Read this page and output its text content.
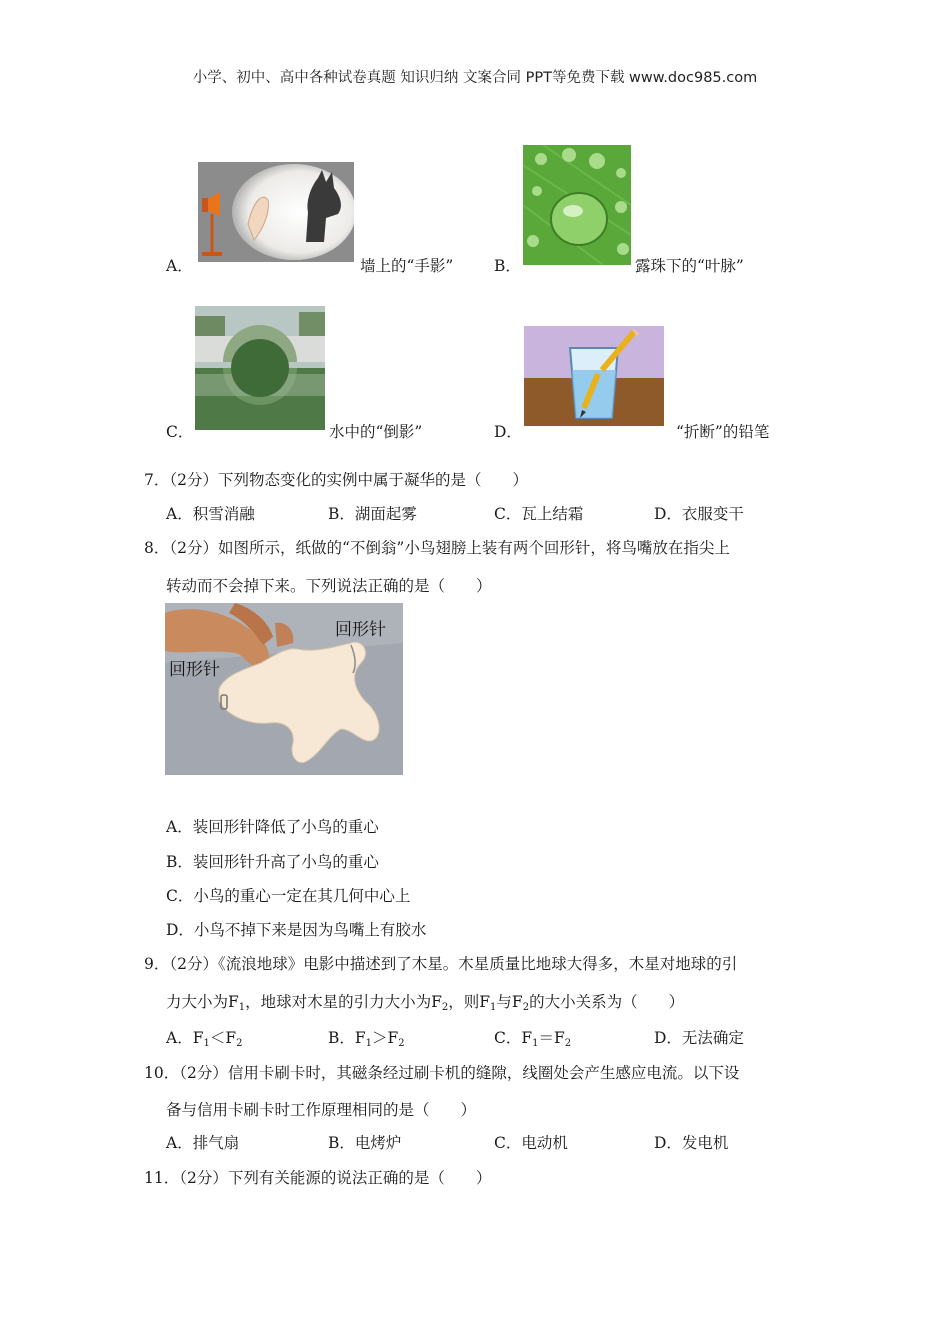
小学、初中、高中各种试卷真题 知识归纳 文案合同 PPT等免费下载 www.doc985.com
A．	墙上的“手影”	B．	露珠下的“叶脉”
C．	水中的“倒影”	D．	“折断”的铅笔
7．（2分）下列物态变化的实例中属于凝华的是（　　）
A．积雪消融	B．湖面起雾	C．瓦上结霜	D．衣服变干
8．（2分）如图所示，纸做的“不倒翁”小鸟翅膀上装有两个回形针，将鸟嘴放在指尖上
转动而不会掉下来。下列说法正确的是（　　）
回形针
回形针
A．装回形针降低了小鸟的重心
B．装回形针升高了小鸟的重心
C．小鸟的重心一定在其几何中心上
D．小鸟不掉下来是因为鸟嘴上有胶水
9．（2分）《流浪地球》电影中描述到了木星。木星质量比地球大得多，木星对地球的引
力大小为$F_1$，地球对木星的引力大小为$F_2$，则$F_1$与$F_2$的大小关系为（　　）
A．$F_1<F_2$	B．$F_1>F_2$	C．$F_1=F_2$	D．无法确定
10．（2分）信用卡刷卡时，其磁条经过刷卡机的缝隙，线圈处会产生感应电流。以下设
备与信用卡刷卡时工作原理相同的是（　　）
A．排气扇	B．电烤炉	C．电动机	D．发电机
11．（2分）下列有关能源的说法正确的是（　　）
